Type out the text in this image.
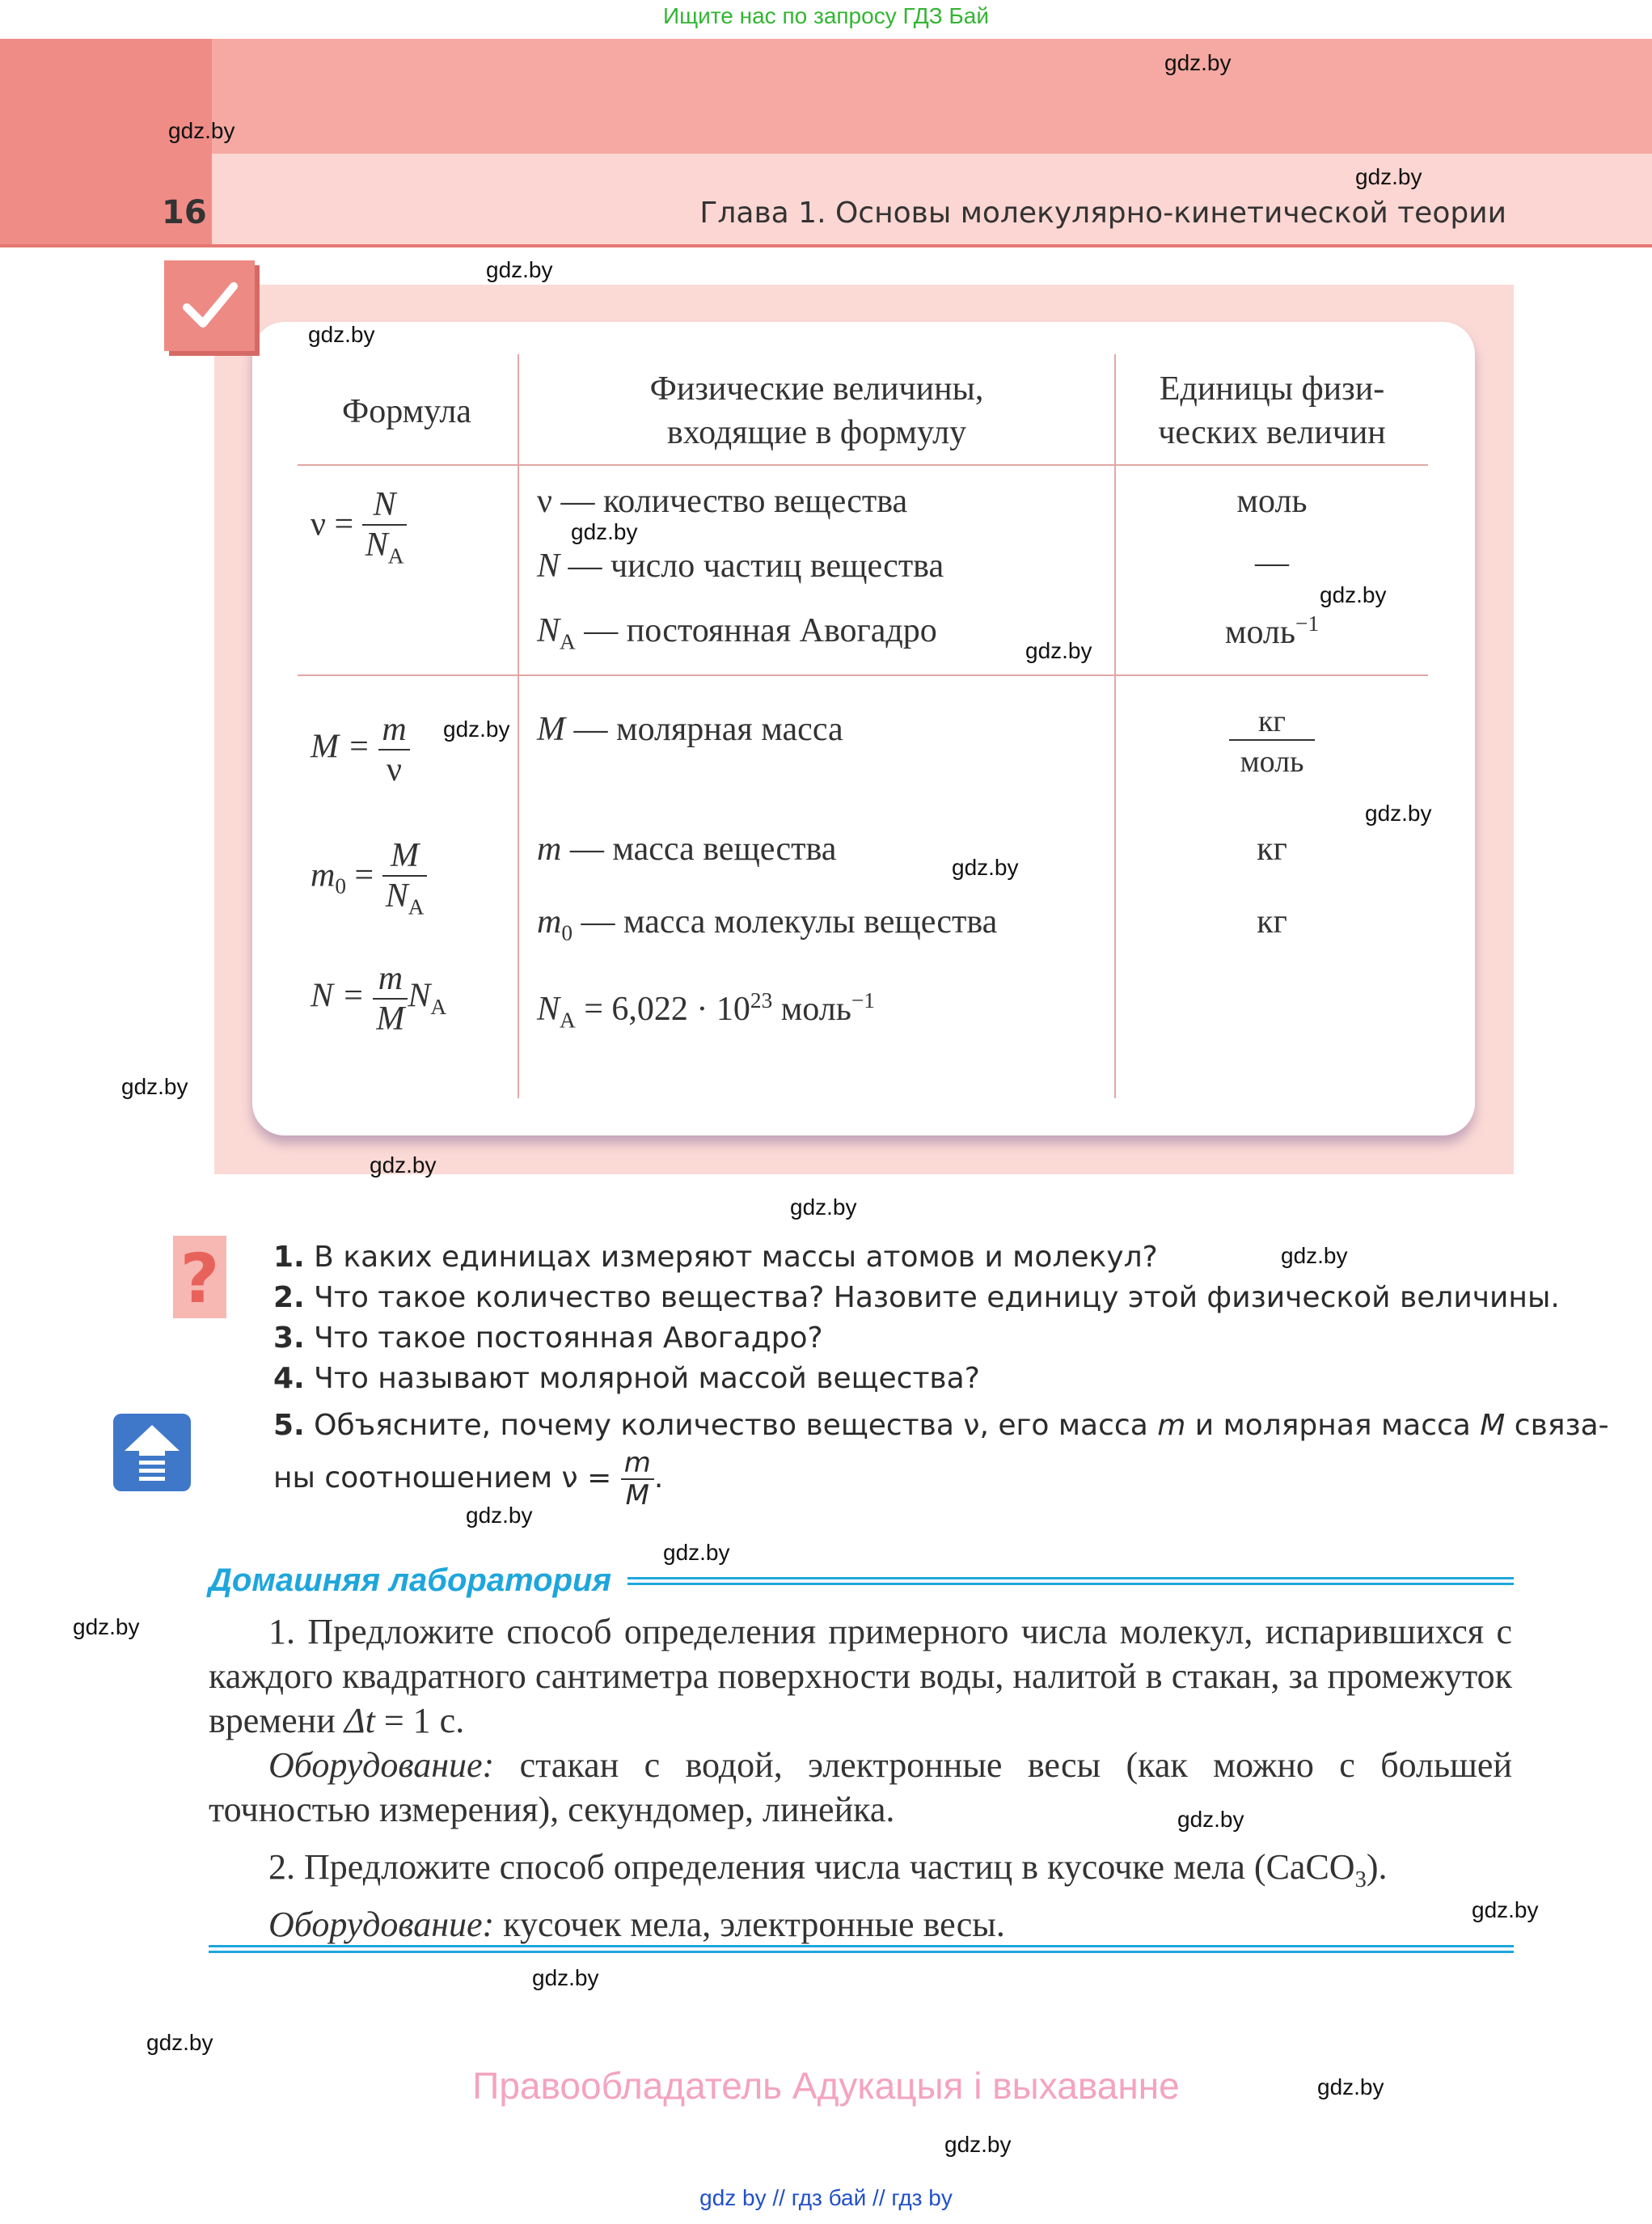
Ищите нас по запросу ГДЗ Бай
16	Глава 1. Основы молекулярно-кинетической теории
Формула
Физические величины,
входящие в формулу
Единицы физи-
ческих величин
$\nu = \frac{N}{N_A}$	ν — количество вещества
N — число частиц вещества
$N_A$ — постоянная Авогадро
моль
—
моль$^{-1}$
$M = \frac{m}{\nu}$
$m_0 = \frac{M}{N_A}$
$N = \frac{m}{M} N_A$
M — молярная масса
m — масса вещества
$m_0$ — масса молекулы вещества
$N_A = 6,022 \cdot 10^{23}$ моль$^{-1}$
$\frac{кг}{\text{моль}}$
кг
кг
? 1. В каких единицах измеряют массы атомов и молекул?
2. Что такое количество вещества? Назовите единицу этой физической величины.
3. Что такое постоянная Авогадро?
4. Что называют молярной массой вещества?
5. Объясните, почему количество вещества ν, его масса m и молярная масса M связа-
ны соотношением $\nu = \frac{m}{M}$ .
Домашняя лаборатория

1. Предложите способ определения примерного числа молекул, испарившихся с каждого квадратного сантиметра поверхности воды, налитой в стакан, за промежуток времени Δt = 1 с.

Оборудование: стакан с водой, электронные весы (как можно с большей точностью измерения), секундомер, линейка.

2. Предложите способ определения числа частиц в кусочке мела (CaCO$_3$).

Оборудование: кусочек мела, электронные весы.

Правообладатель Адукацыя і выхаванне
gdz by // гдз бай // гдз by
gdz.by
gdz.by
gdz.by
gdz.by
gdz.by
gdz.by
gdz.by
gdz.by
gdz.by
gdz.by
gdz.by
gdz.by
gdz.by
gdz.by
gdz.by
gdz.by
gdz.by
gdz.by
gdz.by
gdz.by
gdz.by
gdz.by
gdz.by
gdz.by
